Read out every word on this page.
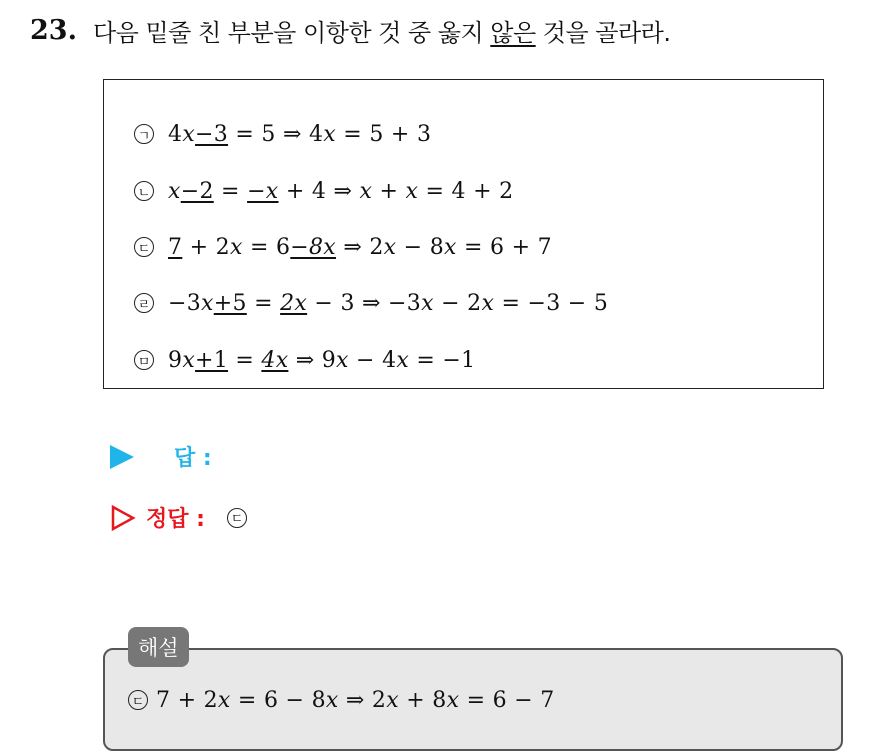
23. 다음 밑줄 친 부분을 이항한 것 중 옳지 않은 것을 골라라.
ㄱ 4x−3 = 5 ⇒ 4x = 5 + 3
ㄴ x−2 = −x + 4 ⇒ x + x = 4 + 2
ㄷ 7 + 2x = 6−8x ⇒ 2x − 8x = 6 + 7
ㄹ −3x+5 = 2x − 3 ⇒ −3x − 2x = −3 − 5
ㅁ 9x+1 = 4x ⇒ 9x − 4x = −1
답 :
정답 : ㄷ
해설
ㄷ 7 + 2x = 6 − 8x ⇒ 2x + 8x = 6 − 7
